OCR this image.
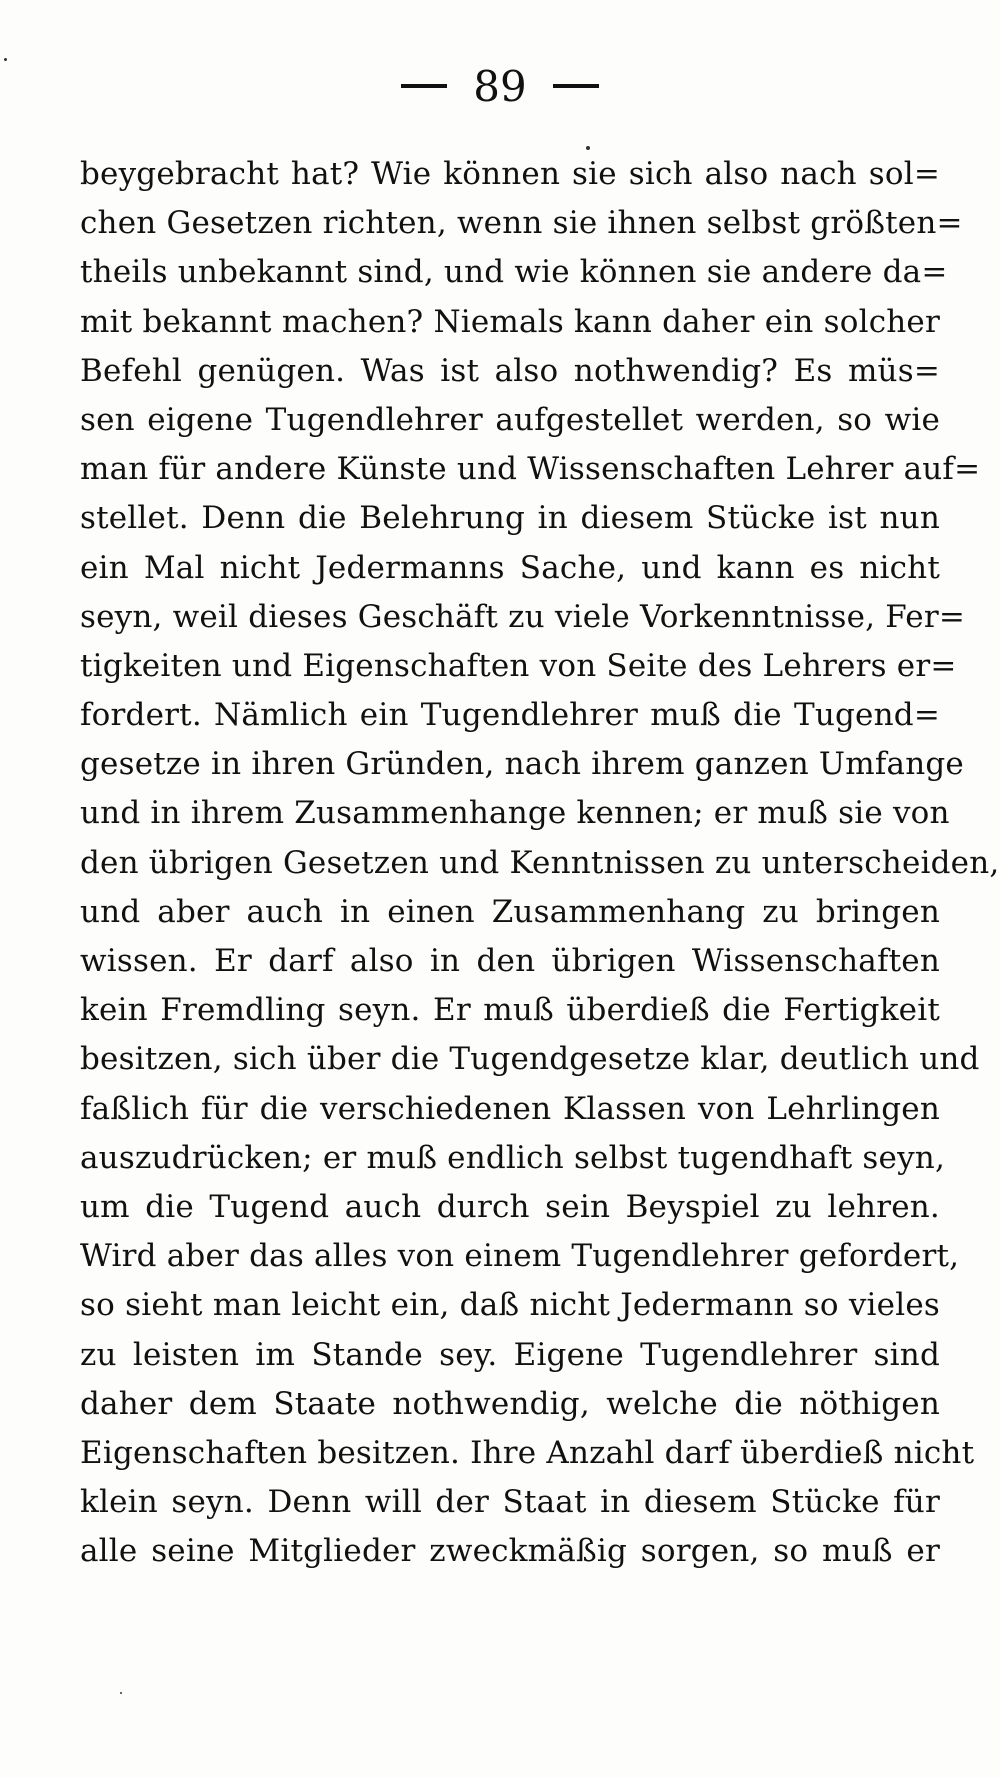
89
beygebracht hat? Wie können sie sich also nach sol=
chen Gesetzen richten, wenn sie ihnen selbst größten=
theils unbekannt sind, und wie können sie andere da=
mit bekannt machen? Niemals kann daher ein solcher
Befehl genügen. Was ist also nothwendig? Es müs=
sen eigene Tugendlehrer aufgestellet werden, so wie
man für andere Künste und Wissenschaften Lehrer auf=
stellet. Denn die Belehrung in diesem Stücke ist nun
ein Mal nicht Jedermanns Sache, und kann es nicht
seyn, weil dieses Geschäft zu viele Vorkenntnisse, Fer=
tigkeiten und Eigenschaften von Seite des Lehrers er=
fordert. Nämlich ein Tugendlehrer muß die Tugend=
gesetze in ihren Gründen, nach ihrem ganzen Umfange
und in ihrem Zusammenhange kennen; er muß sie von
den übrigen Gesetzen und Kenntnissen zu unterscheiden,
und aber auch in einen Zusammenhang zu bringen
wissen. Er darf also in den übrigen Wissenschaften
kein Fremdling seyn. Er muß überdieß die Fertigkeit
besitzen, sich über die Tugendgesetze klar, deutlich und
faßlich für die verschiedenen Klassen von Lehrlingen
auszudrücken; er muß endlich selbst tugendhaft seyn,
um die Tugend auch durch sein Beyspiel zu lehren.
Wird aber das alles von einem Tugendlehrer gefordert,
so sieht man leicht ein, daß nicht Jedermann so vieles
zu leisten im Stande sey. Eigene Tugendlehrer sind
daher dem Staate nothwendig, welche die nöthigen
Eigenschaften besitzen. Ihre Anzahl darf überdieß nicht
klein seyn. Denn will der Staat in diesem Stücke für
alle seine Mitglieder zweckmäßig sorgen, so muß er
